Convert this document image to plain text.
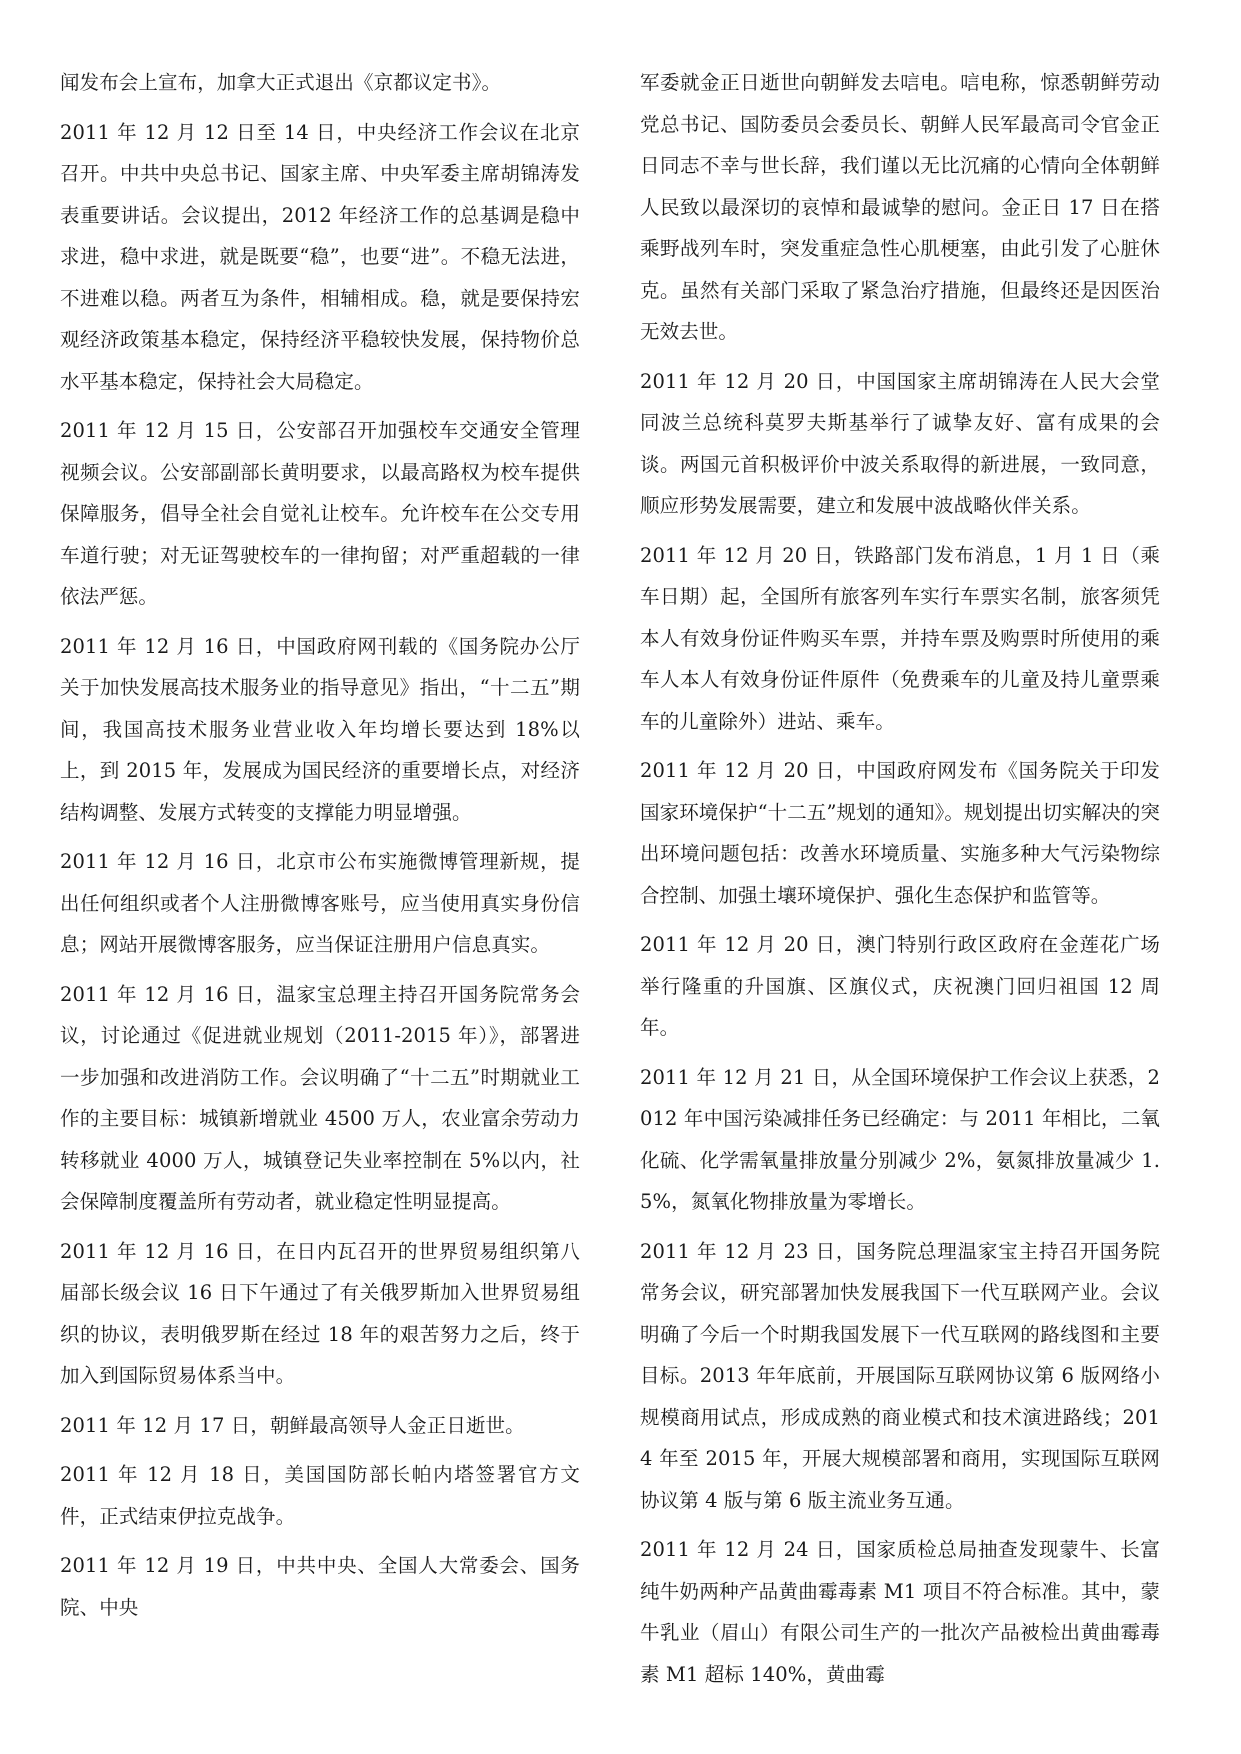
闻发布会上宣布，加拿大正式退出《京都议定书》。

2011 年 12 月 12 日至 14 日，中央经济工作会议在北京召开。中共中央总书记、国家主席、中央军委主席胡锦涛发表重要讲话。会议提出，2012 年经济工作的总基调是稳中求进，稳中求进，就是既要“稳”，也要“进”。不稳无法进，不进难以稳。两者互为条件，相辅相成。稳，就是要保持宏观经济政策基本稳定，保持经济平稳较快发展，保持物价总水平基本稳定，保持社会大局稳定。

2011 年 12 月 15 日，公安部召开加强校车交通安全管理视频会议。公安部副部长黄明要求，以最高路权为校车提供保障服务，倡导全社会自觉礼让校车。允许校车在公交专用车道行驶；对无证驾驶校车的一律拘留；对严重超载的一律依法严惩。

2011 年 12 月 16 日，中国政府网刊载的《国务院办公厅关于加快发展高技术服务业的指导意见》指出，“十二五”期间，我国高技术服务业营业收入年均增长要达到 18%以上，到 2015 年，发展成为国民经济的重要增长点，对经济结构调整、发展方式转变的支撑能力明显增强。

2011 年 12 月 16 日，北京市公布实施微博管理新规，提出任何组织或者个人注册微博客账号，应当使用真实身份信息；网站开展微博客服务，应当保证注册用户信息真实。

2011 年 12 月 16 日，温家宝总理主持召开国务院常务会议，讨论通过《促进就业规划（2011-2015 年）》，部署进一步加强和改进消防工作。会议明确了“十二五”时期就业工作的主要目标：城镇新增就业 4500 万人，农业富余劳动力转移就业 4000 万人，城镇登记失业率控制在 5%以内，社会保障制度覆盖所有劳动者，就业稳定性明显提高。

2011 年 12 月 16 日，在日内瓦召开的世界贸易组织第八届部长级会议 16 日下午通过了有关俄罗斯加入世界贸易组织的协议，表明俄罗斯在经过 18 年的艰苦努力之后，终于加入到国际贸易体系当中。

2011 年 12 月 17 日，朝鲜最高领导人金正日逝世。

2011 年 12 月 18 日，美国国防部长帕内塔签署官方文件，正式结束伊拉克战争。

2011 年 12 月 19 日，中共中央、全国人大常委会、国务院、中央

军委就金正日逝世向朝鲜发去唁电。唁电称，惊悉朝鲜劳动党总书记、国防委员会委员长、朝鲜人民军最高司令官金正日同志不幸与世长辞，我们谨以无比沉痛的心情向全体朝鲜人民致以最深切的哀悼和最诚挚的慰问。金正日 17 日在搭乘野战列车时，突发重症急性心肌梗塞，由此引发了心脏休克。虽然有关部门采取了紧急治疗措施，但最终还是因医治无效去世。

2011 年 12 月 20 日，中国国家主席胡锦涛在人民大会堂同波兰总统科莫罗夫斯基举行了诚挚友好、富有成果的会谈。两国元首积极评价中波关系取得的新进展，一致同意，顺应形势发展需要，建立和发展中波战略伙伴关系。

2011 年 12 月 20 日，铁路部门发布消息，1 月 1 日（乘车日期）起，全国所有旅客列车实行车票实名制，旅客须凭本人有效身份证件购买车票，并持车票及购票时所使用的乘车人本人有效身份证件原件（免费乘车的儿童及持儿童票乘车的儿童除外）进站、乘车。

2011 年 12 月 20 日，中国政府网发布《国务院关于印发国家环境保护“十二五”规划的通知》。规划提出切实解决的突出环境问题包括：改善水环境质量、实施多种大气污染物综合控制、加强土壤环境保护、强化生态保护和监管等。

2011 年 12 月 20 日，澳门特别行政区政府在金莲花广场举行隆重的升国旗、区旗仪式，庆祝澳门回归祖国 12 周年。

2011 年 12 月 21 日，从全国环境保护工作会议上获悉，2012 年中国污染减排任务已经确定：与 2011 年相比，二氧化硫、化学需氧量排放量分别减少 2%，氨氮排放量减少 1.5%，氮氧化物排放量为零增长。

2011 年 12 月 23 日，国务院总理温家宝主持召开国务院常务会议，研究部署加快发展我国下一代互联网产业。会议明确了今后一个时期我国发展下一代互联网的路线图和主要目标。2013 年年底前，开展国际互联网协议第 6 版网络小规模商用试点，形成成熟的商业模式和技术演进路线；2014 年至 2015 年，开展大规模部署和商用，实现国际互联网协议第 4 版与第 6 版主流业务互通。

2011 年 12 月 24 日，国家质检总局抽查发现蒙牛、长富纯牛奶两种产品黄曲霉毒素 M1 项目不符合标准。其中，蒙牛乳业（眉山）有限公司生产的一批次产品被检出黄曲霉毒素 M1 超标 140%，黄曲霉
